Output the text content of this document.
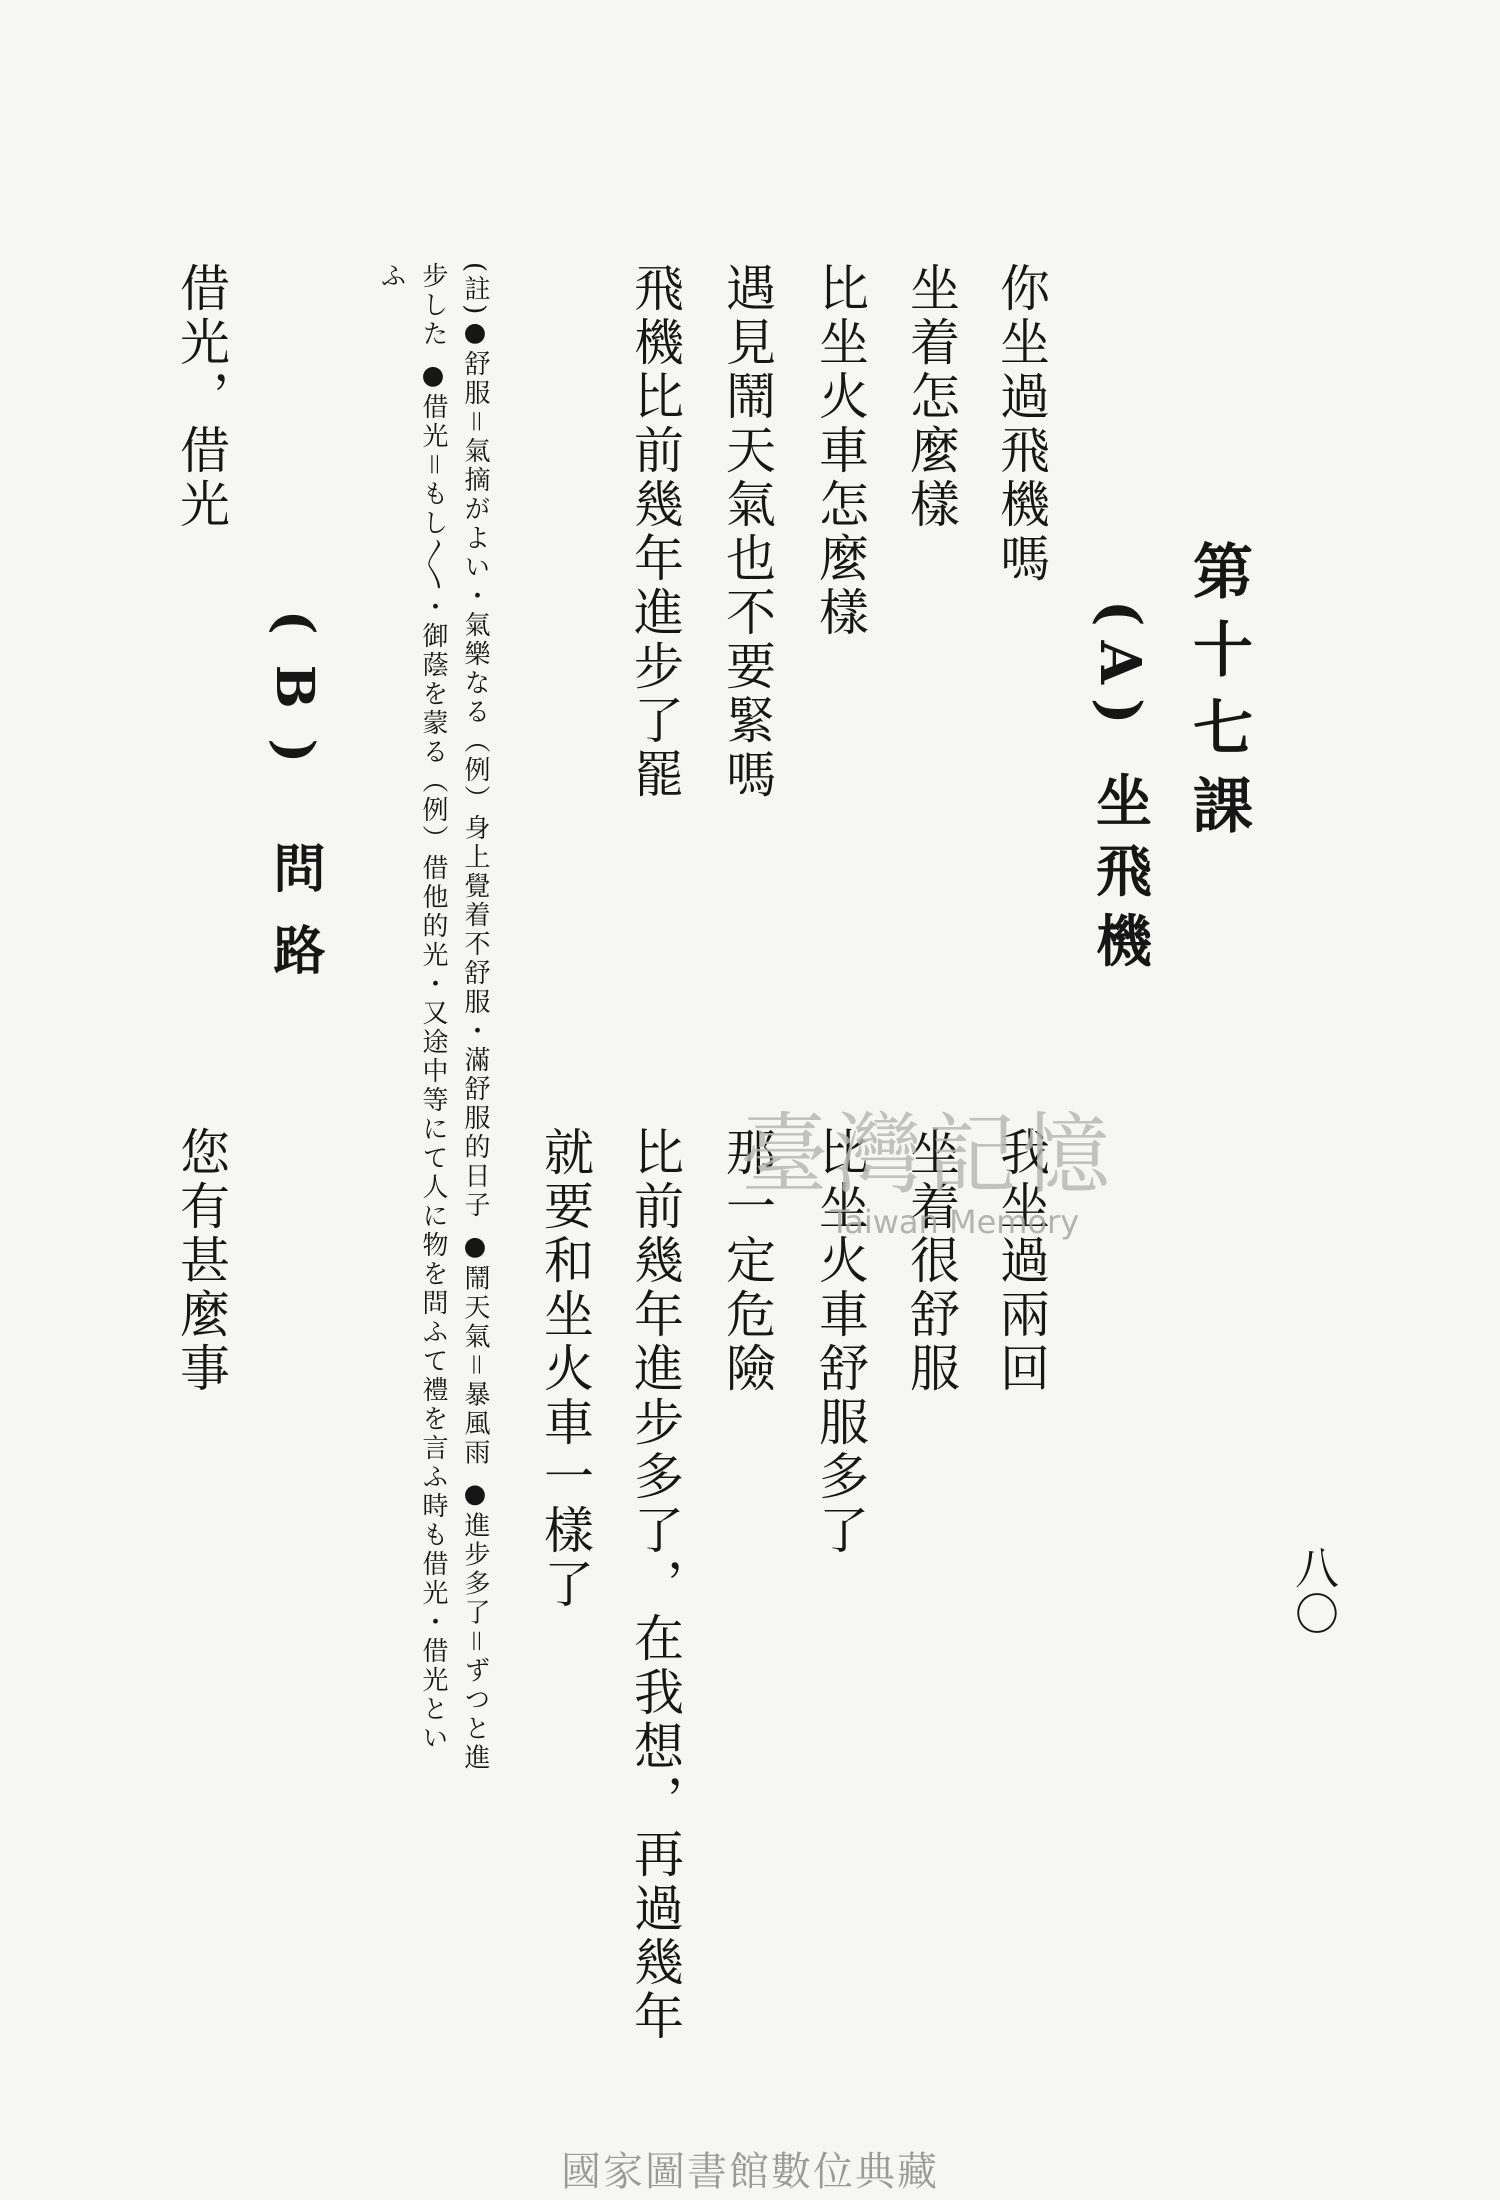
八〇
第十七課
(A) 坐飛機
你坐過飛機嗎
坐着怎麼樣
比坐火車怎麼樣
遇見鬧天氣也不要緊嗎
飛機比前幾年進步了罷
我坐過兩回
坐着很舒服
比坐火車舒服多了
那一定危險
比前幾年進步多了，在我想，再過幾年
就要和坐火車一樣了
(註)●舒服＝氣摘がよい・氣樂なる（例）身上覺着不舒服・滿舒服的日子 ●鬧天氣＝暴風雨 ●進步多了＝ずつと進
步した ●借光＝もし〳〵・御蔭を蒙る（例）借他的光・又途中等にて人に物を問ふて禮を言ふ時も借光・借光とい
ふ
(B) 問路
借光，借光
您有甚麼事	臺灣記憶
Taiwan Memory
國家圖書館數位典藏
